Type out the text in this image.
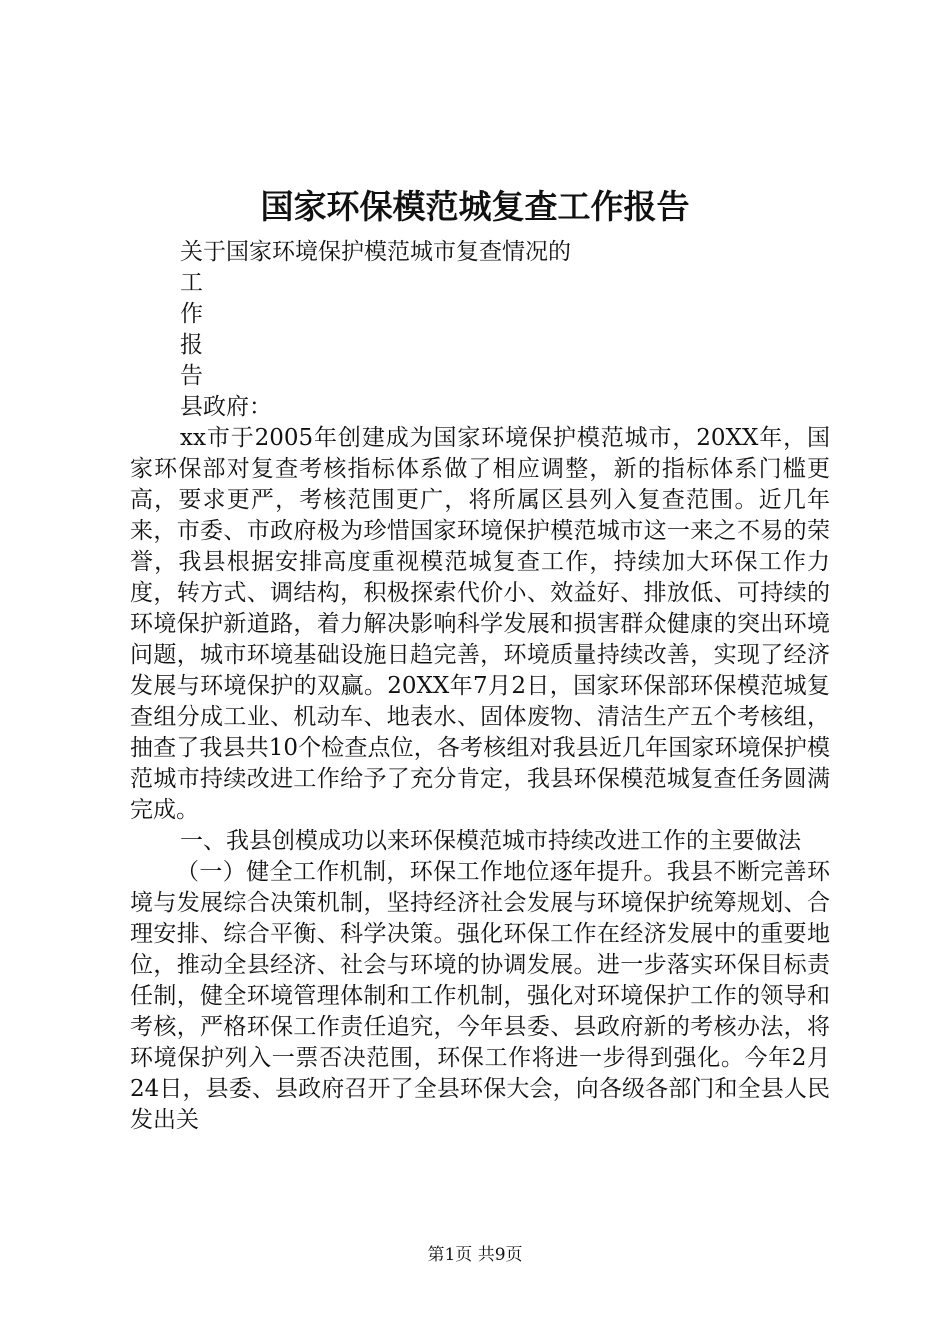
国家环保模范城复查工作报告
关于国家环境保护模范城市复查情况的
工
作
报
告
县政府：

xx市于2005年创建成为国家环境保护模范城市，20XX年，国家环保部对复查考核指标体系做了相应调整，新的指标体系门槛更高，要求更严，考核范围更广，将所属区县列入复查范围。近几年来，市委、市政府极为珍惜国家环境保护模范城市这一来之不易的荣誉，我县根据安排高度重视模范城复查工作，持续加大环保工作力度，转方式、调结构，积极探索代价小、效益好、排放低、可持续的环境保护新道路，着力解决影响科学发展和损害群众健康的突出环境问题，城市环境基础设施日趋完善，环境质量持续改善，实现了经济发展与环境保护的双赢。20XX年7月2日，国家环保部环保模范城复查组分成工业、机动车、地表水、固体废物、清洁生产五个考核组，抽查了我县共10个检查点位，各考核组对我县近几年国家环境保护模范城市持续改进工作给予了充分肯定，我县环保模范城复查任务圆满完成。

一、我县创模成功以来环保模范城市持续改进工作的主要做法

（一）健全工作机制，环保工作地位逐年提升。我县不断完善环境与发展综合决策机制，坚持经济社会发展与环境保护统筹规划、合理安排、综合平衡、科学决策。强化环保工作在经济发展中的重要地位，推动全县经济、社会与环境的协调发展。进一步落实环保目标责任制，健全环境管理体制和工作机制，强化对环境保护工作的领导和考核，严格环保工作责任追究，今年县委、县政府新的考核办法，将环境保护列入一票否决范围，环保工作将进一步得到强化。今年2月24日，县委、县政府召开了全县环保大会，向各级各部门和全县人民发出关

第1页 共9页
